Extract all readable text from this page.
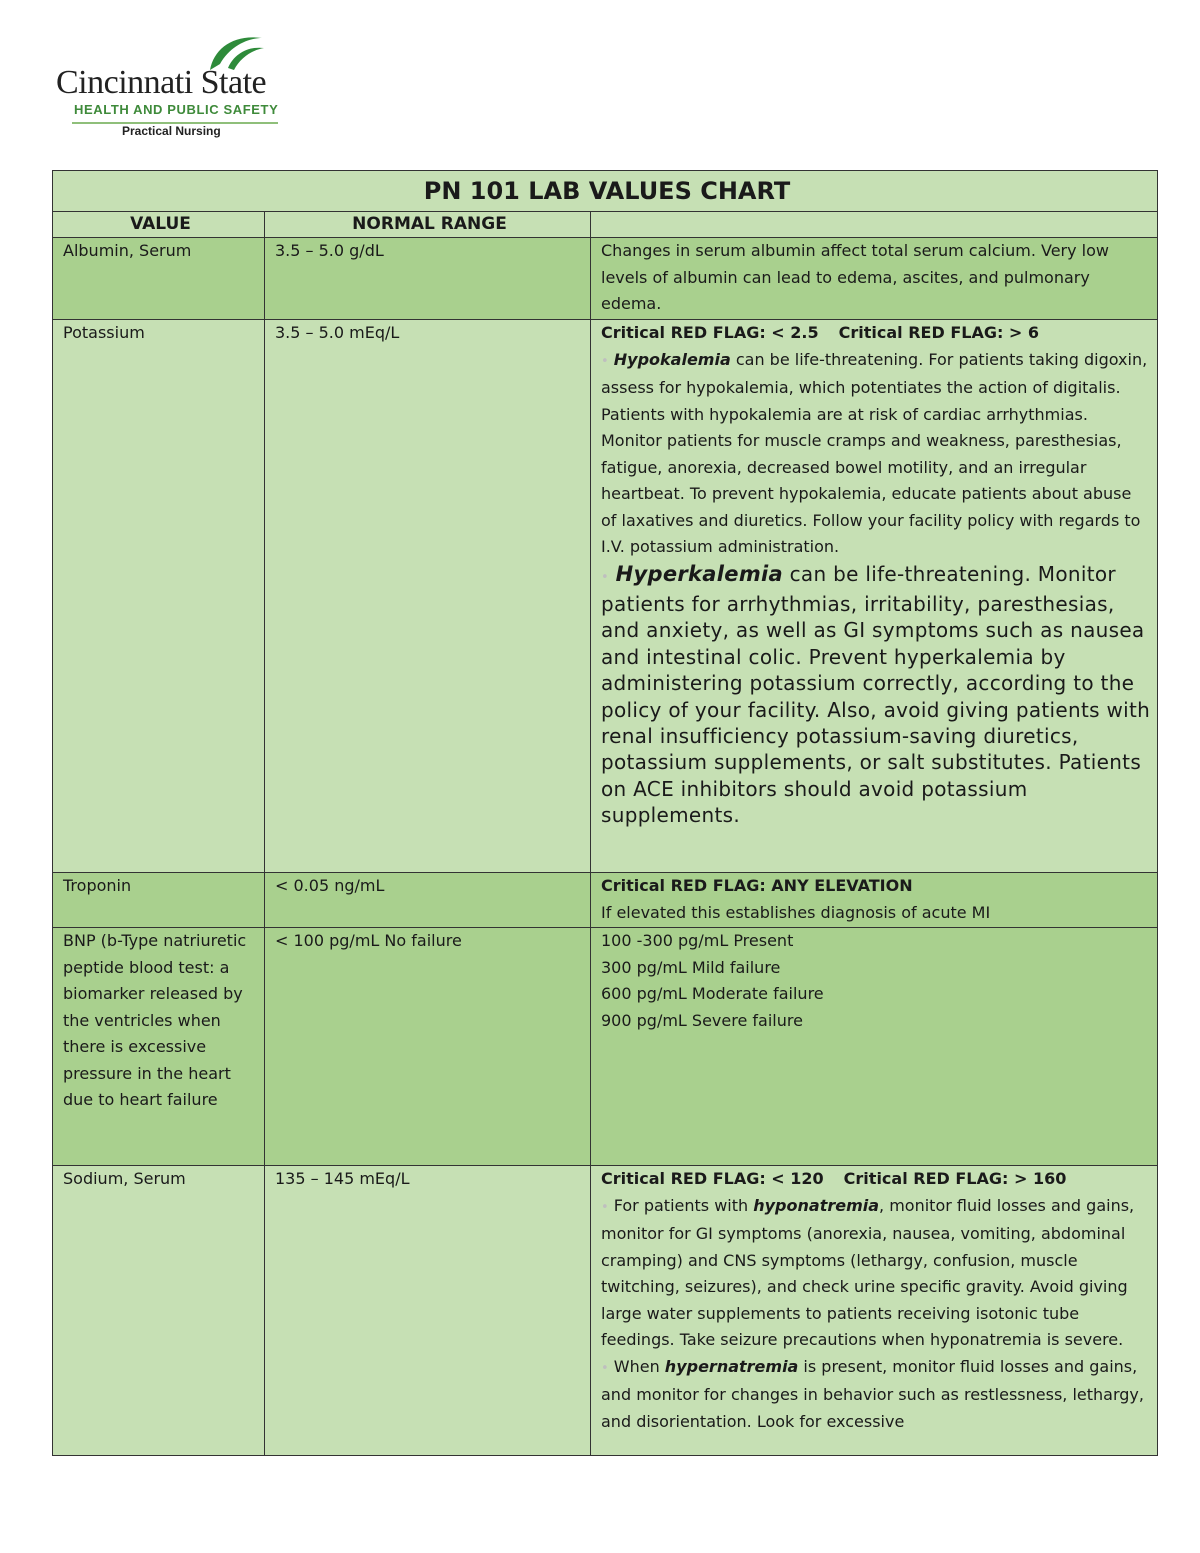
Cincinnati State
HEALTH AND PUBLIC SAFETY
Practical Nursing
PN 101 LAB VALUES CHART		
VALUE	NORMAL RANGE	
Albumin, Serum	3.5 – 5.0 g/dL	Changes in serum albumin affect total serum calcium. Very low levels of albumin can lead to edema, ascites, and pulmonary edema.
Potassium	3.5 – 5.0 mEq/L	Critical RED FLAG: < 2.5 Critical RED FLAG: > 6
• Hypokalemia can be life-threatening. For patients taking digoxin, assess for hypokalemia, which potentiates the action of digitalis. Patients with hypokalemia are at risk of cardiac arrhythmias. Monitor patients for muscle cramps and weakness, paresthesias, fatigue, anorexia, decreased bowel motility, and an irregular heartbeat. To prevent hypokalemia, educate patients about abuse of laxatives and diuretics. Follow your facility policy with regards to I.V. potassium administration.
• Hyperkalemia can be life-threatening. Monitor patients for arrhythmias, irritability, paresthesias, and anxiety, as well as GI symptoms such as nausea and intestinal colic. Prevent hyperkalemia by administering potassium correctly, according to the policy of your facility. Also, avoid giving patients with renal insufficiency potassium-saving diuretics, potassium supplements, or salt substitutes. Patients on ACE inhibitors should avoid potassium supplements.

Troponin	< 0.05 ng/mL	Critical RED FLAG: ANY ELEVATION
If elevated this establishes diagnosis of acute MI

BNP (b-Type natriuretic peptide blood test: a biomarker released by the ventricles when there is excessive pressure in the heart due to heart failure	< 100 pg/mL No failure	100 -300 pg/mL Present
300 pg/mL Mild failure
600 pg/mL Moderate failure
900 pg/mL Severe failure

Sodium, Serum	135 – 145 mEq/L	Critical RED FLAG: < 120 Critical RED FLAG: > 160
• For patients with hyponatremia, monitor fluid losses and gains, monitor for GI symptoms (anorexia, nausea, vomiting, abdominal cramping) and CNS symptoms (lethargy, confusion, muscle twitching, seizures), and check urine specific gravity. Avoid giving large water supplements to patients receiving isotonic tube feedings. Take seizure precautions when hyponatremia is severe.
• When hypernatremia is present, monitor fluid losses and gains, and monitor for changes in behavior such as restlessness, lethargy, and disorientation. Look for excessive
